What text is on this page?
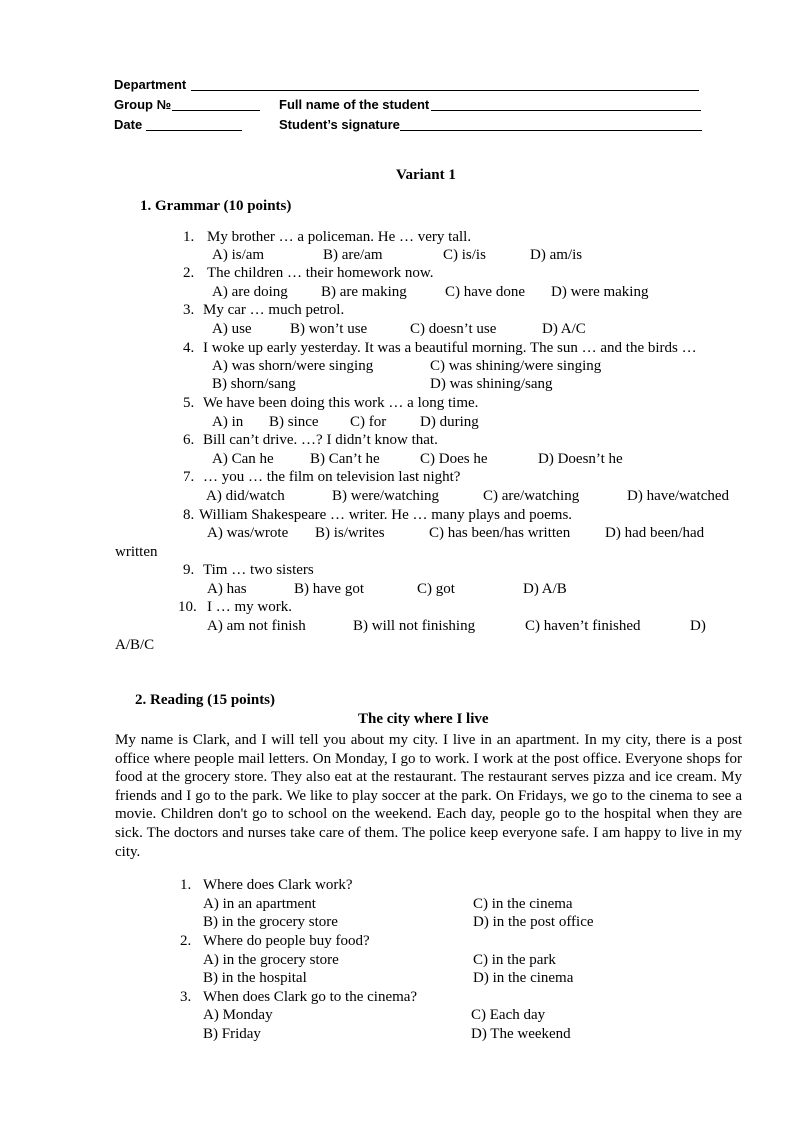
Department
Group №	Full name of the student
Date	Student’s signature
Variant 1
1. Grammar (10 points)
1. My brother … a policeman. He … very tall.
A) is/am	B) are/am	C) is/is	D) am/is
2. The children … their homework now.
A) are doing B) are making	C) have done D) were making
3. My car … much petrol.
A) use	B) won’t use	C) doesn’t use	D) A/C
4. I woke up early yesterday. It was a beautiful morning. The sun … and the birds …
A) was shorn/were singing	C) was shining/were singing
B) shorn/sang	D) was shining/sang
5. We have been doing this work … a long time.
A) in B) since C) for D) during
6. Bill can’t drive. …? I didn’t know that.
A) Can he B) Can’t he	C) Does he	D) Doesn’t he
7. … you … the film on television last night?
A) did/watch	B) were/watching	C) are/watching	D) have/watched
8. William Shakespeare … writer. He … many plays and poems.
A) was/wrote B) is/writes	C) has been/has written D) had been/had
written
9. Tim … two sisters
A) has	B) have got	C) got	D) A/B
10. I … my work.
A) am not finish	B) will not finishing	C) haven’t finished	D)
A/B/C
2. Reading (15 points)
The city where I live
My name is Clark, and I will tell you about my city. I live in an apartment. In my city, there is a post office where people mail letters. On Monday, I go to work. I work at the post office. Everyone shops for food at the grocery store. They also eat at the restaurant. The restaurant serves pizza and ice cream. My friends and I go to the park. We like to play soccer at the park. On Fridays, we go to the cinema to see a movie. Children don't go to school on the weekend. Each day, people go to the hospital when they are sick. The doctors and nurses take care of them. The police keep everyone safe. I am happy to live in my city.
1. Where does Clark work?
A) in an apartment	C) in the cinema
B) in the grocery store	D) in the post office
2. Where do people buy food?
A) in the grocery store	C) in the park
B) in the hospital	D) in the cinema
3. When does Clark go to the cinema?
A) Monday	C) Each day
B) Friday	D) The weekend
